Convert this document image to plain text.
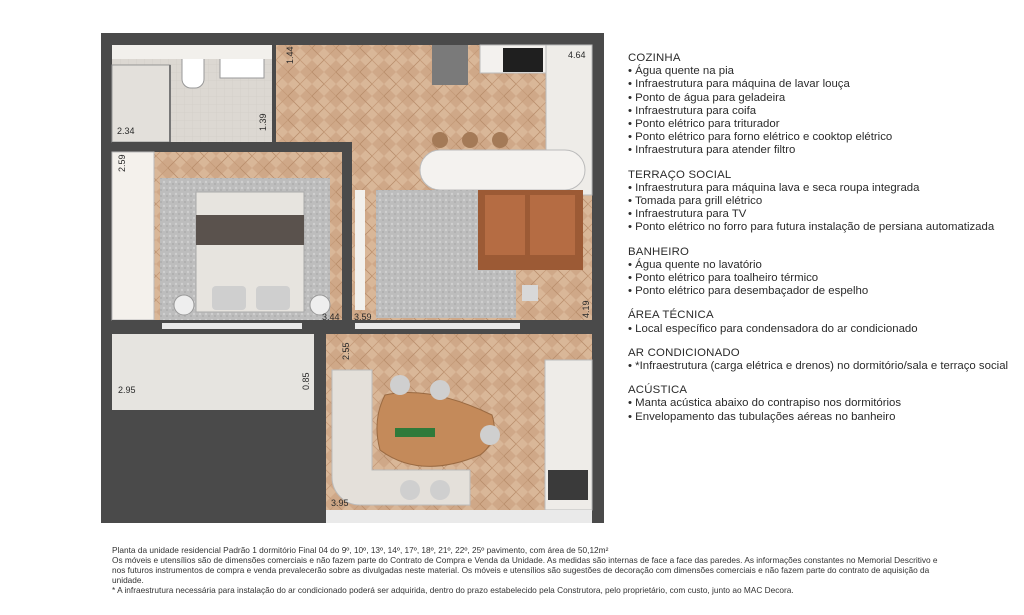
4.64
1.44
2.34	1.39
2.59
3.44 3.59	4.19
2.55
2.95	0.85
3.95
COZINHA
• Água quente na pia
• Infraestrutura para máquina de lavar louça
• Ponto de água para geladeira
• Infraestrutura para coifa
• Ponto elétrico para triturador
• Ponto elétrico para forno elétrico e cooktop elétrico
• Infraestrutura para atender filtro
TERRAÇO SOCIAL
• Infraestrutura para máquina lava e seca roupa integrada
• Tomada para grill elétrico
• Infraestrutura para TV
• Ponto elétrico no forro para futura instalação de persiana automatizada
BANHEIRO
• Água quente no lavatório
• Ponto elétrico para toalheiro térmico
• Ponto elétrico para desembaçador de espelho
ÁREA TÉCNICA
• Local específico para condensadora do ar condicionado
AR CONDICIONADO
• *Infraestrutura (carga elétrica e drenos) no dormitório/sala e terraço social
ACÚSTICA
• Manta acústica abaixo do contrapiso nos dormitórios
• Envelopamento das tubulações aéreas no banheiro
Planta da unidade residencial Padrão 1 dormitório Final 04 do 9º, 10º, 13º, 14º, 17º, 18º, 21º, 22º, 25º pavimento, com área de 50,12m²
Os móveis e utensílios são de dimensões comerciais e não fazem parte do Contrato de Compra e Venda da Unidade. As medidas são internas de face a face das paredes. As informações constantes no Memorial Descritivo e nos futuros instrumentos de compra e venda prevalecerão sobre as divulgadas neste material. Os móveis e utensílios são sugestões de decoração com dimensões comerciais e não fazem parte do contrato de aquisição da unidade.
* A infraestrutura necessária para instalação do ar condicionado poderá ser adquirida, dentro do prazo estabelecido pela Construtora, pelo proprietário, com custo, junto ao MAC Decora.
